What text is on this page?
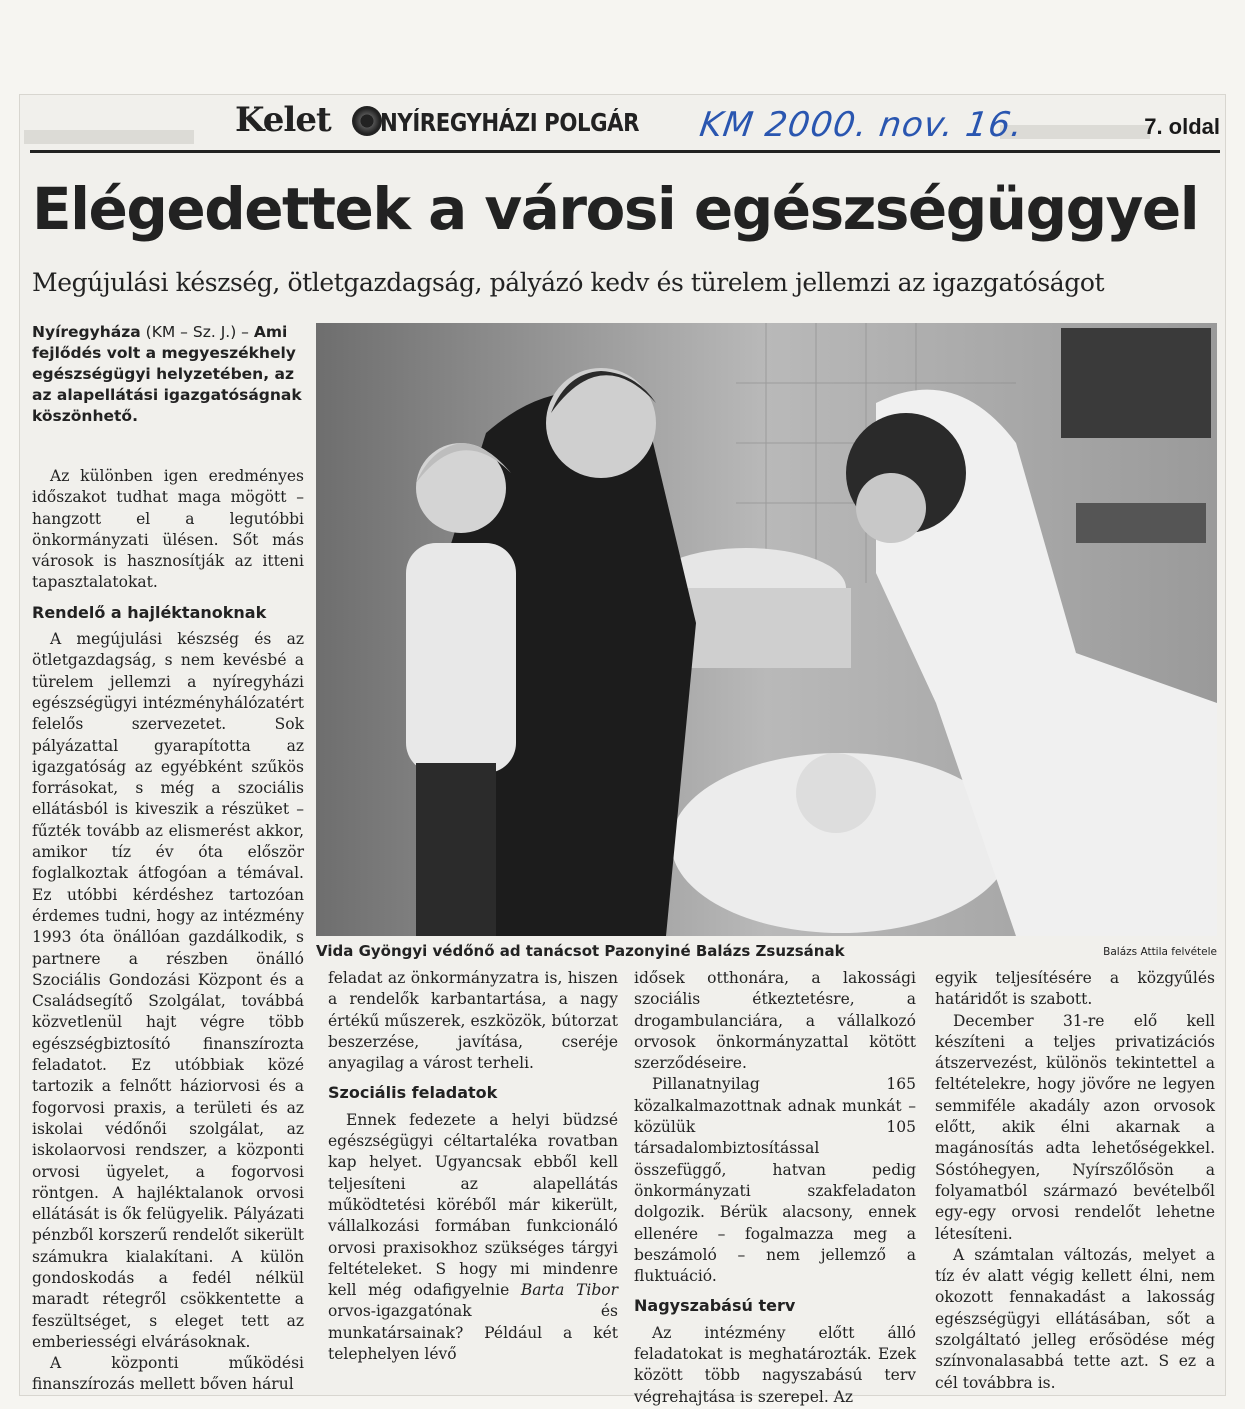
Kelet NYÍREGYHÁZI POLGÁR KM 2000. nov. 16.	7. oldal
Elégedettek a városi egészségüggyel
Megújulási készség, ötletgazdagság, pályázó kedv és türelem jellemzi az igazgatóságot
Nyíregyháza (KM – Sz. J.) – Ami fejlődés volt a megyeszékhely egészségügyi helyzetében, az az alapellátási igazgatóságnak köszönhető.

Az különben igen eredményes időszakot tudhat maga mögött – hangzott el a legutóbbi önkormányzati ülésen. Sőt más városok is hasznosítják az itteni tapasztalatokat.

Rendelő a hajléktanoknak

A megújulási készség és az ötletgazdagság, s nem kevésbé a türelem jellemzi a nyíregyházi egészségügyi intézményhálózatért felelős szervezetet. Sok pályázattal gyarapította az igazgatóság az egyébként szűkös forrásokat, s még a szociális ellátásból is kiveszik a részüket – fűzték tovább az elismerést akkor, amikor tíz év óta először foglalkoztak átfogóan a témával. Ez utóbbi kérdéshez tartozóan érdemes tudni, hogy az intézmény 1993 óta önállóan gazdálkodik, s partnere a részben önálló Szociális Gondozási Központ és a Családsegítő Szolgálat, továbbá közvetlenül hajt végre több egészségbiztosító finanszírozta feladatot. Ez utóbbiak közé tartozik a felnőtt háziorvosi és a fogorvosi praxis, a területi és az iskolai védőnői szolgálat, az iskolaorvosi rendszer, a központi orvosi ügyelet, a fogorvosi röntgen. A hajléktalanok orvosi ellátását is ők felügyelik. Pályázati pénzből korszerű rendelőt sikerült számukra kialakítani. A külön gondoskodás a fedél nélkül maradt rétegről csökkentette a feszültséget, s eleget tett az emberiességi elvárásoknak.

A központi működési finanszírozás mellett bőven hárul

Vida Gyöngyi védőnő ad tanácsot Pazonyiné Balázs Zsuzsának	Balázs Attila felvétele

feladat az önkormányzatra is, hiszen a rendelők karbantartása, a nagy értékű műszerek, eszközök, bútorzat beszerzése, javítása, cseréje anyagilag a várost terheli.

Szociális feladatok

Ennek fedezete a helyi büdzsé egészségügyi céltartaléka rovatban kap helyet. Ugyancsak ebből kell teljesíteni az alapellátás működtetési köréből már kikerült, vállalkozási formában funkcionáló orvosi praxisokhoz szükséges tárgyi feltételeket. S hogy mi mindenre kell még odafigyelnie Barta Tibor orvos-igazgatónak és munkatársainak? Például a két telephelyen lévő

idősek otthonára, a lakossági szociális étkeztetésre, a drogambulanciára, a vállalkozó orvosok önkormányzattal kötött szerződéseire.

Pillanatnyilag 165 közalkalmazottnak adnak munkát – közülük 105 társadalombiztosítással összefüggő, hatvan pedig önkormányzati szakfeladaton dolgozik. Bérük alacsony, ennek ellenére – fogalmazza meg a beszámoló – nem jellemző a fluktuáció.

Nagyszabású terv

Az intézmény előtt álló feladatokat is meghatározták. Ezek között több nagyszabású terv végrehajtása is szerepel. Az

egyik teljesítésére a közgyűlés határidőt is szabott.

December 31-re elő kell készíteni a teljes privatizációs átszervezést, különös tekintettel a feltételekre, hogy jövőre ne legyen semmiféle akadály azon orvosok előtt, akik élni akarnak a magánosítás adta lehetőségekkel. Sóstóhegyen, Nyírszőlősön a folyamatból származó bevételből egy-egy orvosi rendelőt lehetne létesíteni.

A számtalan változás, melyet a tíz év alatt végig kellett élni, nem okozott fennakadást a lakosság egészségügyi ellátásában, sőt a szolgáltató jelleg erősödése még színvonalasabbá tette azt. S ez a cél továbbra is.
